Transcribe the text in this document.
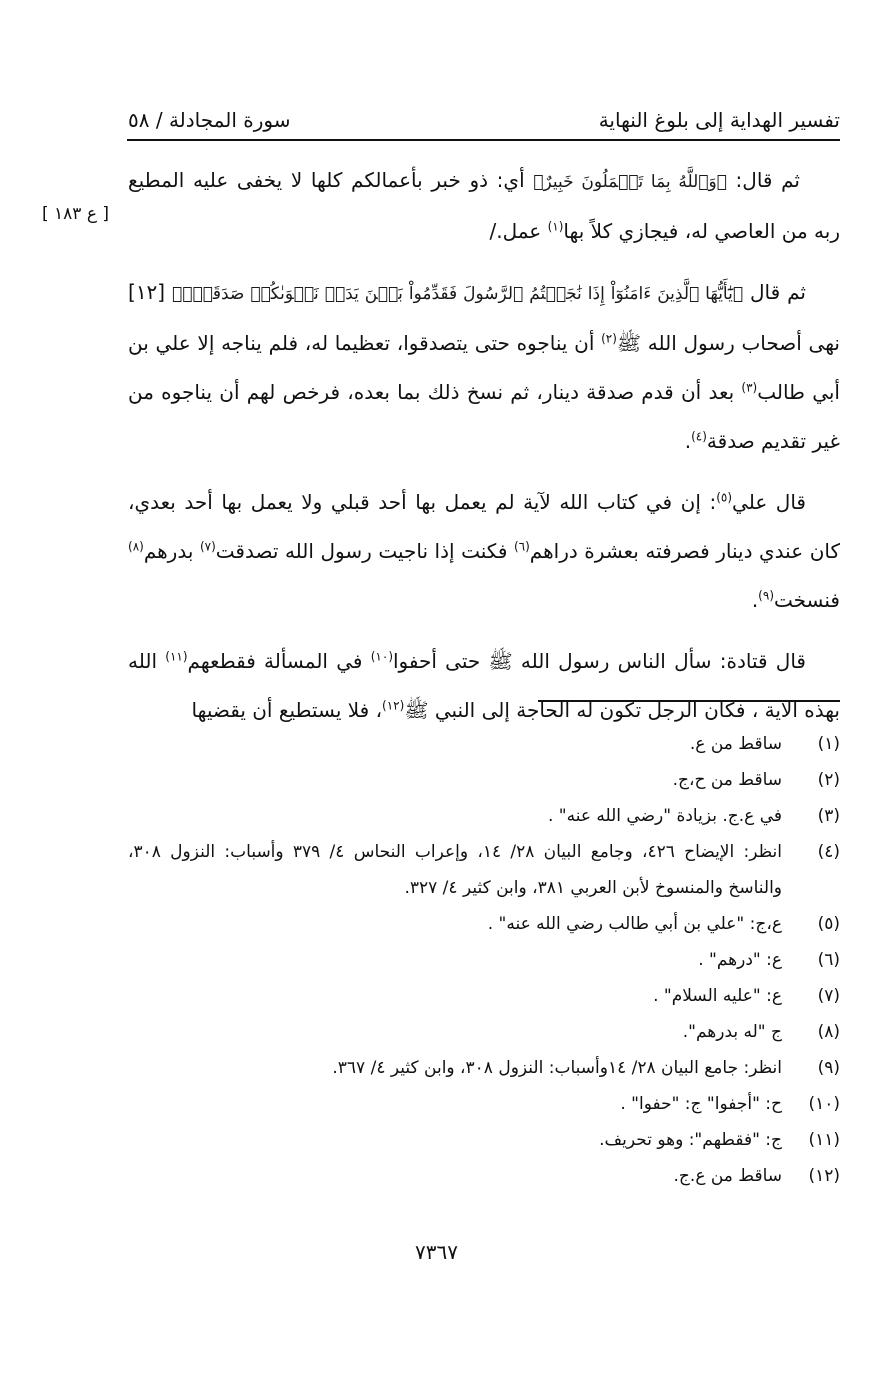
تفسير الهداية إلى بلوغ النهاية
سورة المجادلة / ٥٨
[ ع ١٨٣ ]

ثم قال: ﴿وَٱللَّهُ بِمَا تَعۡمَلُونَ خَبِيرٌ﴾ أي: ذو خبر بأعمالكم كلها لا يخفى عليه المطيع ربه من العاصي له، فيجازي كلاً بها$^{(١)}$ عمل./

ثم قال ﴿يَٰٓأَيُّهَا ٱلَّذِينَ ءَامَنُوٓاْ إِذَا نَٰجَيۡتُمُ ٱلرَّسُولَ فَقَدِّمُواْ بَيۡنَ يَدَيۡ نَجۡوَىٰكُمۡ صَدَقَةٗۚ﴾ [١٢] نهى أصحاب رسول الله ﷺ$^{(٢)}$ أن يناجوه حتى يتصدقوا، تعظيما له، فلم يناجه إلا علي بن أبي طالب$^{(٣)}$ بعد أن قدم صدقة دينار، ثم نسخ ذلك بما بعده، فرخص لهم أن يناجوه من غير تقديم صدقة$^{(٤)}$.

قال علي$^{(٥)}$: إن في كتاب الله لآية لم يعمل بها أحد قبلي ولا يعمل بها أحد بعدي، كان عندي دينار فصرفته بعشرة دراهم$^{(٦)}$ فكنت إذا ناجيت رسول الله تصدقت$^{(٧)}$ بدرهم$^{(٨)}$ فنسخت$^{(٩)}$.

قال قتادة: سأل الناس رسول الله ﷺ حتى أحفوا$^{(١٠)}$ في المسألة فقطعهم$^{(١١)}$ الله بهذه الآية ، فكان الرجل تكون له الحاجة إلى النبي ﷺ$^{(١٢)}$، فلا يستطيع أن يقضيها

(١)
ساقط من ع.
(٢)
ساقط من ح،ج.
(٣)
في ع.ج. بزيادة "رضي الله عنه" .
(٤)
انظر: الإيضاح ٤٢٦، وجامع البيان ٢٨/ ١٤، وإعراب النحاس ٤/ ٣٧٩ وأسباب: النزول ٣٠٨، والناسخ والمنسوخ لأبن العربي ٣٨١، وابن كثير ٤/ ٣٢٧.
(٥)
ع،ج: "علي بن أبي طالب رضي الله عنه" .
(٦)
ع: "درهم" .
(٧)
ع: "عليه السلام" .
(٨)
ج "له بدرهم".
(٩)
انظر: جامع البيان ٢٨/ ١٤وأسباب: النزول ٣٠٨، وابن كثير ٤/ ٣٦٧.
(١٠)
ح: "أجفوا" ج: "حفوا" .
(١١)
ج: "فقطهم": وهو تحريف.
(١٢)
ساقط من ع.ج.
٧٣٦٧
